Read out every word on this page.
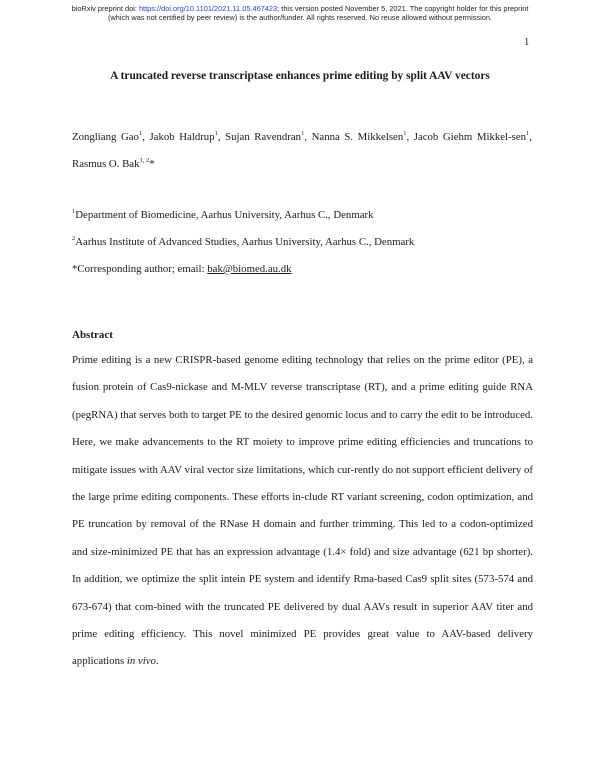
bioRxiv preprint doi: https://doi.org/10.1101/2021.11.05.467423; this version posted November 5, 2021. The copyright holder for this preprint
(which was not certified by peer review) is the author/funder. All rights reserved. No reuse allowed without permission.
1
A truncated reverse transcriptase enhances prime editing by split AAV vectors
Zongliang Gao$^1$, Jakob Haldrup$^1$, Sujan Ravendran$^1$, Nanna S. Mikkelsen$^1$, Jacob Giehm Mikkel-sen$^1$, Rasmus O. Bak$^{1, 2}$*
$^1$Department of Biomedicine, Aarhus University, Aarhus C., Denmark
$^2$Aarhus Institute of Advanced Studies, Aarhus University, Aarhus C., Denmark
*Corresponding author; email: bak@biomed.au.dk
Abstract

Prime editing is a new CRISPR-based genome editing technology that relies on the prime editor (PE), a fusion protein of Cas9-nickase and M-MLV reverse transcriptase (RT), and a prime editing guide RNA (pegRNA) that serves both to target PE to the desired genomic locus and to carry the edit to be introduced. Here, we make advancements to the RT moiety to improve prime editing efficiencies and truncations to mitigate issues with AAV viral vector size limitations, which cur-rently do not support efficient delivery of the large prime editing components. These efforts in-clude RT variant screening, codon optimization, and PE truncation by removal of the RNase H domain and further trimming. This led to a codon-optimized and size-minimized PE that has an expression advantage (1.4× fold) and size advantage (621 bp shorter). In addition, we optimize the split intein PE system and identify Rma-based Cas9 split sites (573-574 and 673-674) that com-bined with the truncated PE delivered by dual AAVs result in superior AAV titer and prime editing efficiency. This novel minimized PE provides great value to AAV-based delivery applications in vivo.
